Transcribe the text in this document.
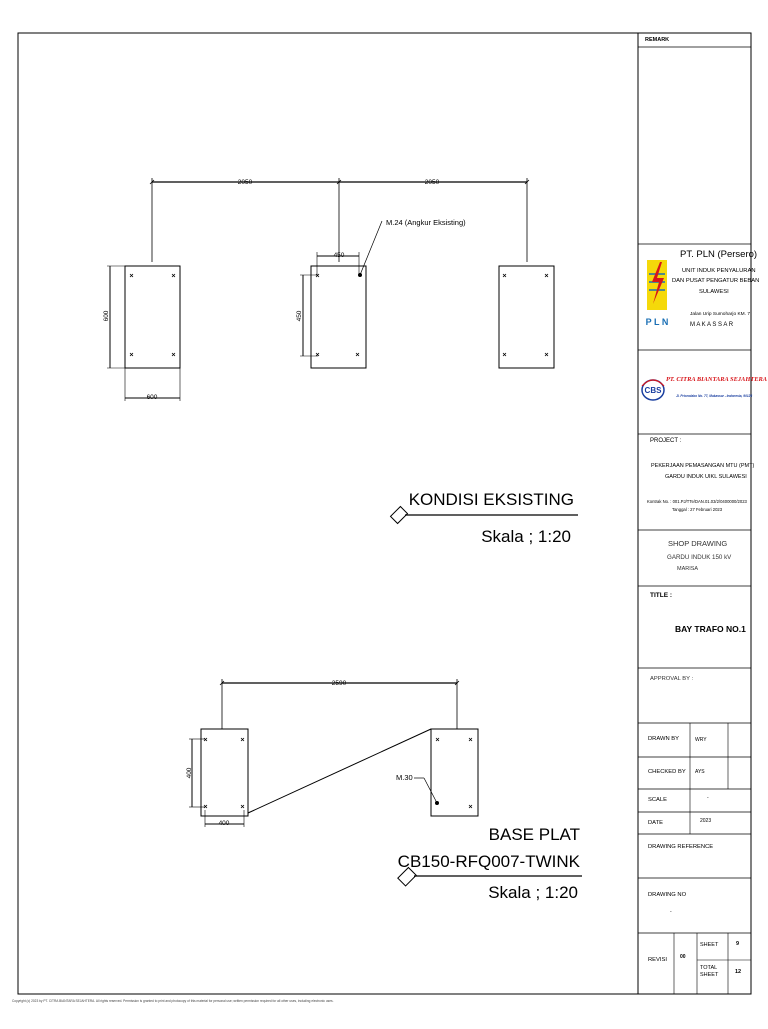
2050	2050
600
600
M.24 (Angkur Eksisting)
450
450
KONDISI EKSISTING
Skala ; 1:20
2590
400
400
M.30
BASE PLAT
CB150-RFQ007-TWINK
Skala ; 1:20
P L N
CBS
REMARK
PT. PLN (Persero)
UNIT INDUK PENYALURAN
DAN PUSAT PENGATUR BEBAN
SULAWESI
Jalan Urip Sumoharjo KM. 7
M A K A S S A R
PT. CITRA BIANTARA SEJAHTERA
Jl. Prionolabo No. 77, Makassar - Indonesia, 90128
PROJECT :
PEKERJAAN PEMASANGAN MTU (PMT)
GARDU INDUK UIKL SULAWESI
Kontrak No. : 001.PJ/TTe/DAN.01.03/2/0400000/2023
Tanggal : 27 Februari 2023
SHOP DRAWING
GARDU INDUK 150 kV
MARISA
TITLE :
BAY TRAFO NO.1
APPROVAL BY :
DRAWN BY	WRY
CHECKED BY AYS
SCALE	-
DATE	2023
DRAWING REFERENCE
DRAWING NO
-
REVISI	00
SHEET	9
TOTAL SHEET
12
Copyright (c) 2023 by PT. CITRA BIANTARA SEJAHTERA. All rights reserved. Permission is granted to print and photocopy of this material for personal use; written permission required for all other uses, including electronic uses.
